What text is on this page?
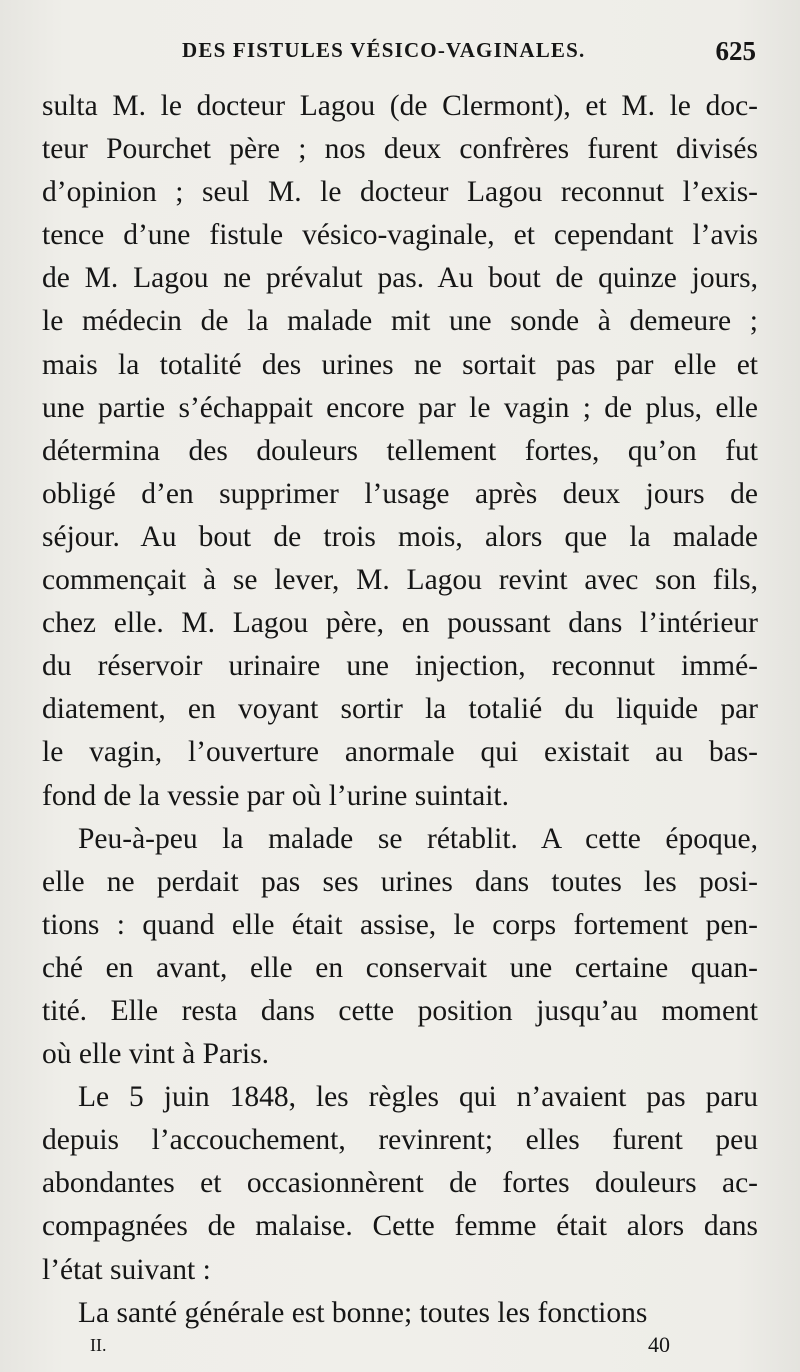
DES FISTULES VÉSICO-VAGINALES.	625
sulta M. le docteur Lagou (de Clermont), et M. le doc-
teur Pourchet père ; nos deux confrères furent divisés
d’opinion ; seul M. le docteur Lagou reconnut l’exis-
tence d’une fistule vésico-vaginale, et cependant l’avis
de M. Lagou ne prévalut pas. Au bout de quinze jours,
le médecin de la malade mit une sonde à demeure ;
mais la totalité des urines ne sortait pas par elle et
une partie s’échappait encore par le vagin ; de plus, elle
détermina des douleurs tellement fortes, qu’on fut
obligé d’en supprimer l’usage après deux jours de
séjour. Au bout de trois mois, alors que la malade
commençait à se lever, M. Lagou revint avec son fils,
chez elle. M. Lagou père, en poussant dans l’intérieur
du réservoir urinaire une injection, reconnut immé-
diatement, en voyant sortir la totalié du liquide par
le vagin, l’ouverture anormale qui existait au bas-
fond de la vessie par où l’urine suintait.
Peu-à-peu la malade se rétablit. A cette époque,
elle ne perdait pas ses urines dans toutes les posi-
tions : quand elle était assise, le corps fortement pen-
ché en avant, elle en conservait une certaine quan-
tité. Elle resta dans cette position jusqu’au moment
où elle vint à Paris.
Le 5 juin 1848, les règles qui n’avaient pas paru
depuis l’accouchement, revinrent; elles furent peu
abondantes et occasionnèrent de fortes douleurs ac-
compagnées de malaise. Cette femme était alors dans
l’état suivant :
La santé générale est bonne; toutes les fonctions
II.	40
